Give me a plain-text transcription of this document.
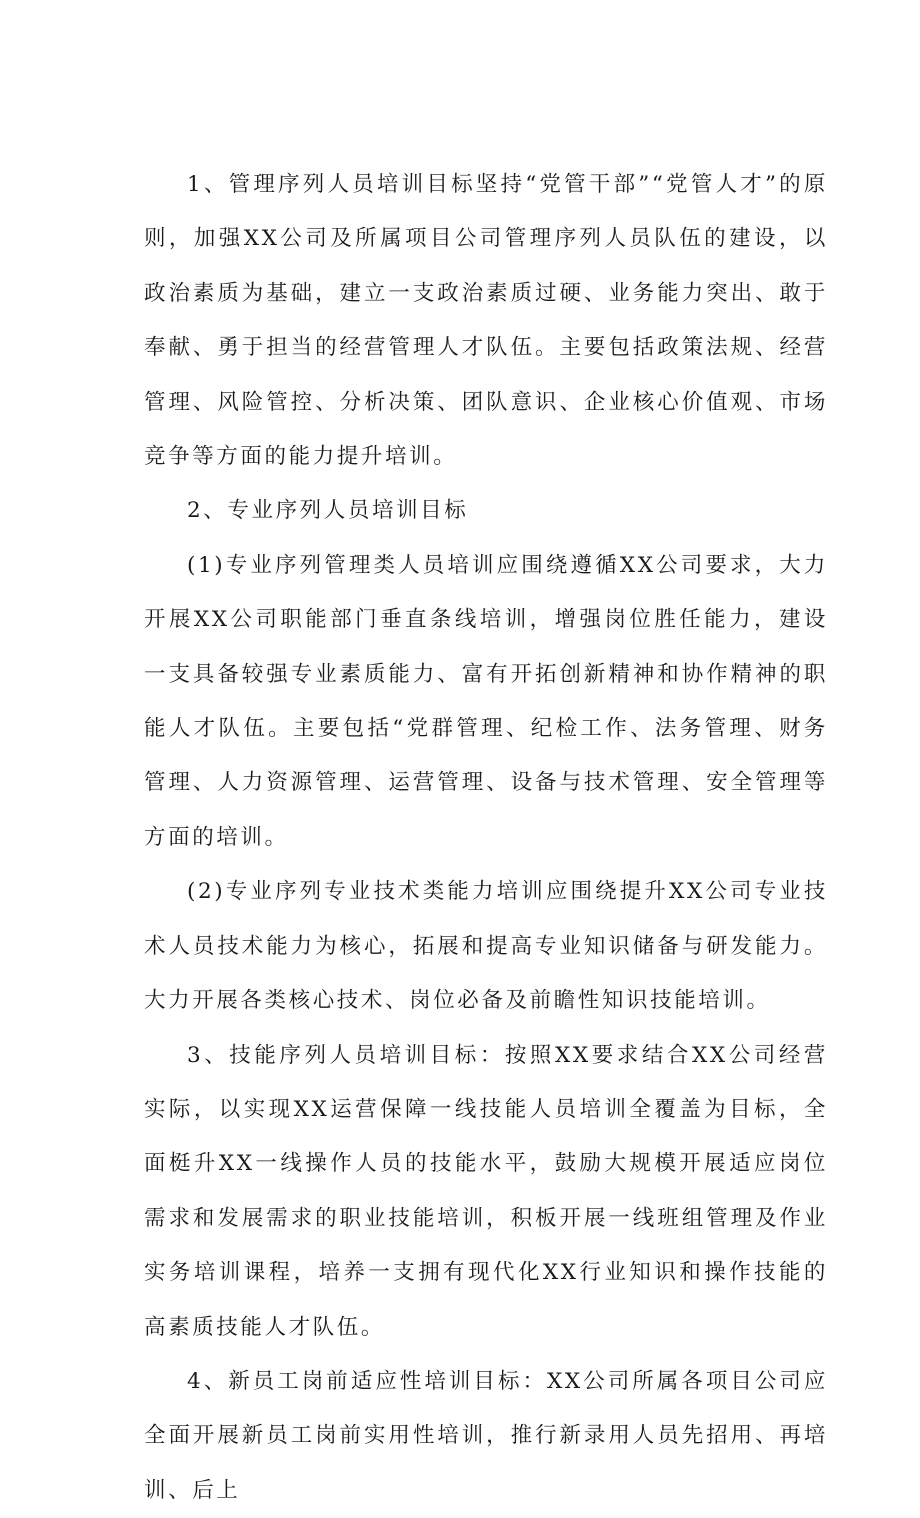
1、管理序列人员培训目标坚持“党管干部”“党管人才”的原则，加强XX公司及所属项目公司管理序列人员队伍的建设，以政治素质为基础，建立一支政治素质过硬、业务能力突出、敢于奉献、勇于担当的经营管理人才队伍。主要包括政策法规、经营管理、风险管控、分析决策、团队意识、企业核心价值观、市场竞争等方面的能力提升培训。

2、专业序列人员培训目标

(1)专业序列管理类人员培训应围绕遵循XX公司要求，大力开展XX公司职能部门垂直条线培训，增强岗位胜任能力，建设一支具备较强专业素质能力、富有开拓创新精神和协作精神的职能人才队伍。主要包括“党群管理、纪检工作、法务管理、财务管理、人力资源管理、运营管理、设备与技术管理、安全管理等方面的培训。

(2)专业序列专业技术类能力培训应围绕提升XX公司专业技术人员技术能力为核心，拓展和提高专业知识储备与研发能力。大力开展各类核心技术、岗位必备及前瞻性知识技能培训。

3、技能序列人员培训目标：按照XX要求结合XX公司经营实际，以实现XX运营保障一线技能人员培训全覆盖为目标，全面梃升XX一线操作人员的技能水平，鼓励大规模开展适应岗位需求和发展需求的职业技能培训，积板开展一线班组管理及作业实务培训课程，培养一支拥有现代化XX行业知识和操作技能的高素质技能人才队伍。

4、新员工岗前适应性培训目标：XX公司所属各项目公司应全面开展新员工岗前实用性培训，推行新录用人员先招用、再培训、后上
